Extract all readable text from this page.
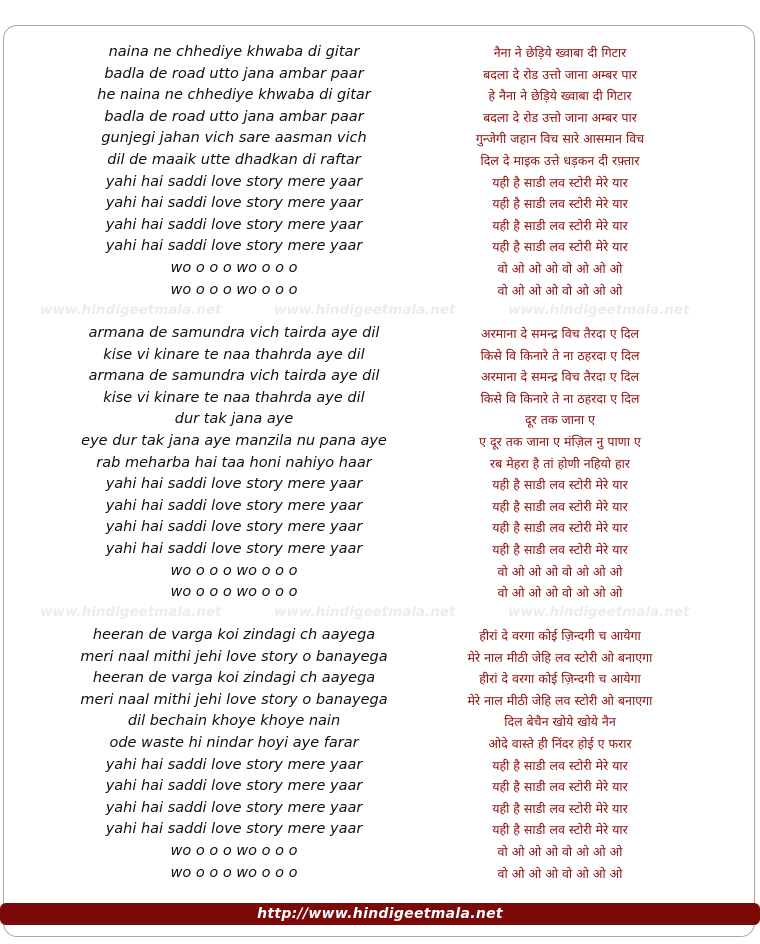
naina ne chhediye khwaba di gitar	नैना ने छेड़िये ख्वाबा दी गिटार
badla de road utto jana ambar paar	बदला दे रोड उत्तो जाना अम्बर पार
he naina ne chhediye khwaba di gitar	हे नैना ने छेड़िये ख्वाबा दी गिटार
badla de road utto jana ambar paar	बदला दे रोड उत्तो जाना अम्बर पार
gunjegi jahan vich sare aasman vich	गुन्जेगी जहान विच सारे आसमान विच
dil de maaik utte dhadkan di raftar	दिल दे माइक उत्ते धड़कन दी रफ़्तार
yahi hai saddi love story mere yaar	यही है साडी लव स्टोरी मेरे यार
yahi hai saddi love story mere yaar	यही है साडी लव स्टोरी मेरे यार
yahi hai saddi love story mere yaar	यही है साडी लव स्टोरी मेरे यार
yahi hai saddi love story mere yaar	यही है साडी लव स्टोरी मेरे यार
wo o o o wo o o o	वो ओ ओ ओ वो ओ ओ ओ
wo o o o wo o o o	वो ओ ओ ओ वो ओ ओ ओ
www.hindigeetmala.net	www.hindigeetmala.net	www.hindigeetmala.net
armana de samundra vich tairda aye dil	अरमाना दे समन्द्र विच तैरदा ए दिल
kise vi kinare te naa thahrda aye dil	किसे वि किनारे ते ना ठहरदा ए दिल
armana de samundra vich tairda aye dil	अरमाना दे समन्द्र विच तैरदा ए दिल
kise vi kinare te naa thahrda aye dil	किसे वि किनारे ते ना ठहरदा ए दिल
dur tak jana aye	दूर तक जाना ए
eye dur tak jana aye manzila nu pana aye	ए दूर तक जाना ए मंज़िल नु पाणा ए
rab meharba hai taa honi nahiyo haar	रब मेहरा है तां होणी नहियो हार
yahi hai saddi love story mere yaar	यही है साडी लव स्टोरी मेरे यार
yahi hai saddi love story mere yaar	यही है साडी लव स्टोरी मेरे यार
yahi hai saddi love story mere yaar	यही है साडी लव स्टोरी मेरे यार
yahi hai saddi love story mere yaar	यही है साडी लव स्टोरी मेरे यार
wo o o o wo o o o	वो ओ ओ ओ वो ओ ओ ओ
wo o o o wo o o o	वो ओ ओ ओ वो ओ ओ ओ
www.hindigeetmala.net	www.hindigeetmala.net	www.hindigeetmala.net
heeran de varga koi zindagi ch aayega	हीरां दे वरगा कोई ज़िन्दगी च आयेगा
meri naal mithi jehi love story o banayega	मेरे नाल मीठी जेहि लव स्टोरी ओ बनाएगा
heeran de varga koi zindagi ch aayega	हीरां दे वरगा कोई ज़िन्दगी च आयेगा
meri naal mithi jehi love story o banayega	मेरे नाल मीठी जेहि लव स्टोरी ओ बनाएगा
dil bechain khoye khoye nain	दिल बेचैन खोये खोये नैन
ode waste hi nindar hoyi aye farar	ओदे वास्ते ही निंदर होई ए फरार
yahi hai saddi love story mere yaar	यही है साडी लव स्टोरी मेरे यार
yahi hai saddi love story mere yaar	यही है साडी लव स्टोरी मेरे यार
yahi hai saddi love story mere yaar	यही है साडी लव स्टोरी मेरे यार
yahi hai saddi love story mere yaar	यही है साडी लव स्टोरी मेरे यार
wo o o o wo o o o	वो ओ ओ ओ वो ओ ओ ओ
wo o o o wo o o o	वो ओ ओ ओ वो ओ ओ ओ
http://www.hindigeetmala.net
